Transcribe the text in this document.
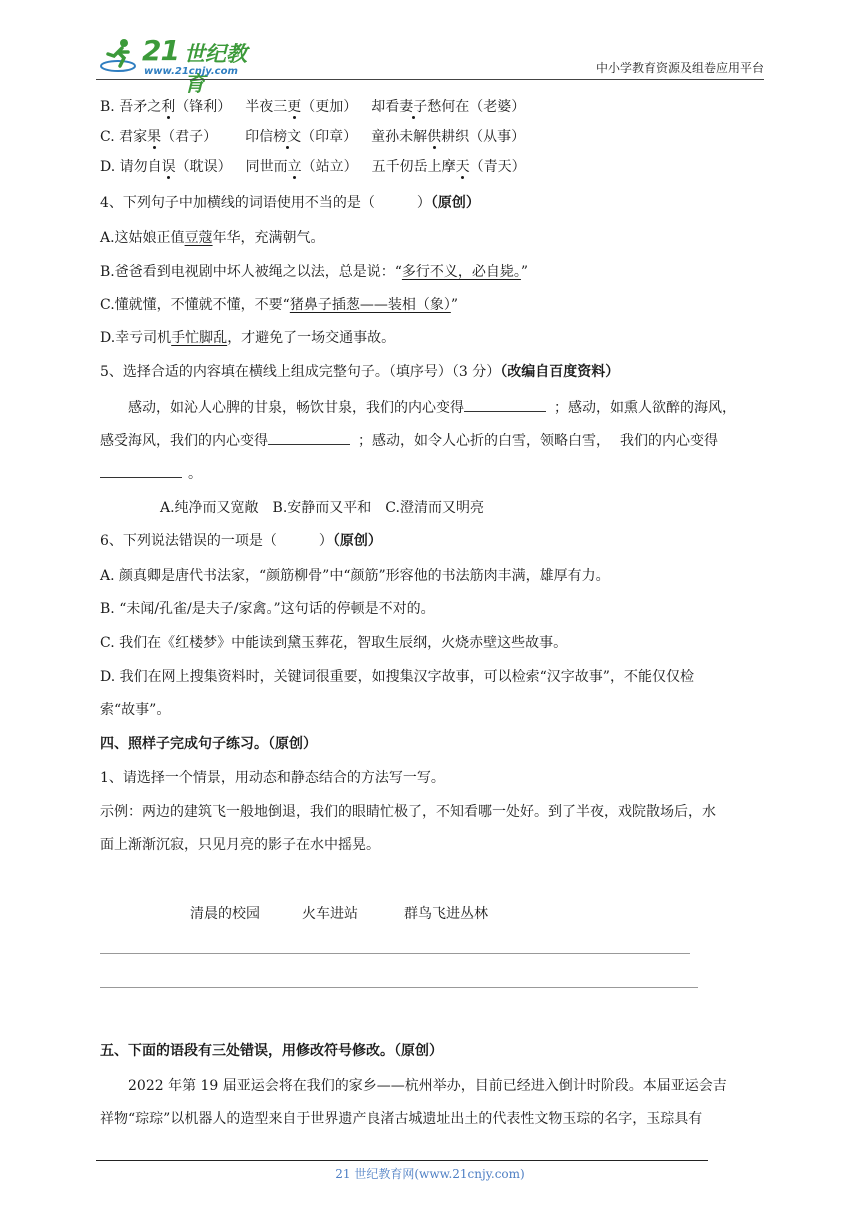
21 世纪教育
www.21cnjy.com	中小学教育资源及组卷应用平台
B. 吾矛之利（锋利） 半夜三更（更加） 却看妻子愁何在（老婆）
C. 君家果（君子） 印信榜文（印章） 童孙未解供耕织（从事）
D. 请勿自误（耽误） 同世而立（站立） 五千仞岳上摩天（青天）
4、下列句子中加横线的词语使用不当的是（　　　）（原创）
A.这姑娘正值豆蔻年华，充满朝气。
B.爸爸看到电视剧中坏人被绳之以法，总是说：“多行不义，必自毙。”
C.懂就懂，不懂就不懂，不要“猪鼻子插葱——装相（象）”
D.幸亏司机手忙脚乱，才避免了一场交通事故。
5、选择合适的内容填在横线上组成完整句子。（填序号）（3 分）（改编自百度资料）
感动，如沁人心脾的甘泉，畅饮甘泉，我们的内心变得	；感动，如熏人欲醉的海风，
感受海风，我们的内心变得	；感动，如令人心折的白雪，领略白雪， 我们的内心变得
。
A.纯净而又宽敞　B.安静而又平和　C.澄清而又明亮
6、下列说法错误的一项是（　　　）（原创）
A. 颜真卿是唐代书法家，“颜筋柳骨”中“颜筋”形容他的书法筋肉丰满，雄厚有力。
B. “未闻/孔雀/是夫子/家禽。”这句话的停顿是不对的。
C. 我们在《红楼梦》中能读到黛玉葬花，智取生辰纲，火烧赤壁这些故事。
D. 我们在网上搜集资料时，关键词很重要，如搜集汉字故事，可以检索“汉字故事”，不能仅仅检
索“故事”。
四、照样子完成句子练习。（原创）
1、请选择一个情景，用动态和静态结合的方法写一写。
示例：两边的建筑飞一般地倒退，我们的眼睛忙极了，不知看哪一处好。到了半夜，戏院散场后，水
面上渐渐沉寂，只见月亮的影子在水中摇晃。
清晨的校园	火车进站	群鸟飞进丛林
五、下面的语段有三处错误，用修改符号修改。（原创）
2022 年第 19 届亚运会将在我们的家乡——杭州举办，目前已经进入倒计时阶段。本届亚运会吉
祥物“琮琮”以机器人的造型来自于世界遗产良渚古城遗址出土的代表性文物玉琮的名字，玉琮具有
21 世纪教育网(www.21cnjy.com)
